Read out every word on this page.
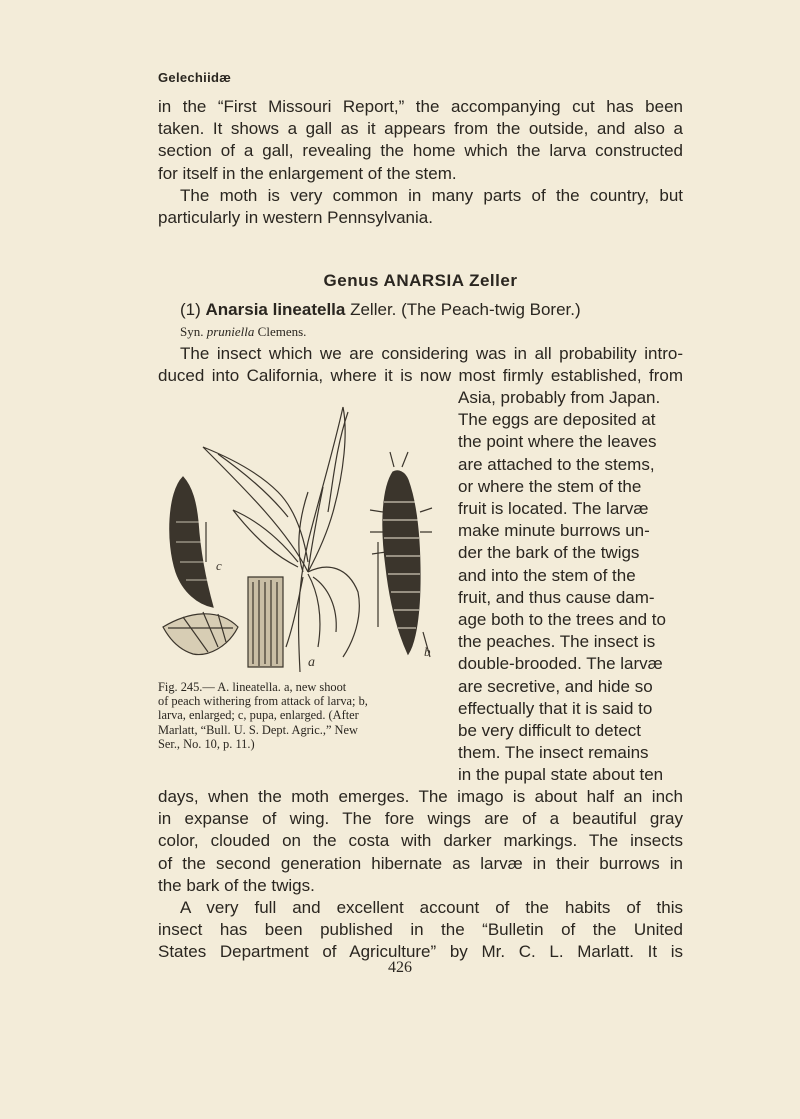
Gelechiidæ
in the “First Missouri Report,” the accompanying cut has been
taken. It shows a gall as it appears from the outside, and also a
section of a gall, revealing the home which the larva constructed
for itself in the enlargement of the stem.
The moth is very common in many parts of the country, but
particularly in western Pennsylvania.
Genus ANARSIA Zeller
(1) Anarsia lineatella Zeller. (The Peach-twig Borer.)
Syn. pruniella Clemens.
The insect which we are considering was in all probability intro-
duced into California, where it is now most firmly established, from
c
a
b
Fig. 245.— A. lineatella. a, new shoot
of peach withering from attack of larva; b,
larva, enlarged; c, pupa, enlarged. (After
Marlatt, “Bull. U. S. Dept. Agric.,” New
Ser., No. 10, p. 11.)
Asia, probably from Japan.
The eggs are deposited at
the point where the leaves
are attached to the stems,
or where the stem of the
fruit is located. The larvæ
make minute burrows un-
der the bark of the twigs
and into the stem of the
fruit, and thus cause dam-
age both to the trees and to
the peaches. The insect is
double-brooded. The larvæ
are secretive, and hide so
effectually that it is said to
be very difficult to detect
them. The insect remains
in the pupal state about ten
days, when the moth emerges. The imago is about half an inch
in expanse of wing. The fore wings are of a beautiful gray
color, clouded on the costa with darker markings. The insects
of the second generation hibernate as larvæ in their burrows in
the bark of the twigs.
A very full and excellent account of the habits of this
insect has been published in the “Bulletin of the United
States Department of Agriculture” by Mr. C. L. Marlatt. It is
426
